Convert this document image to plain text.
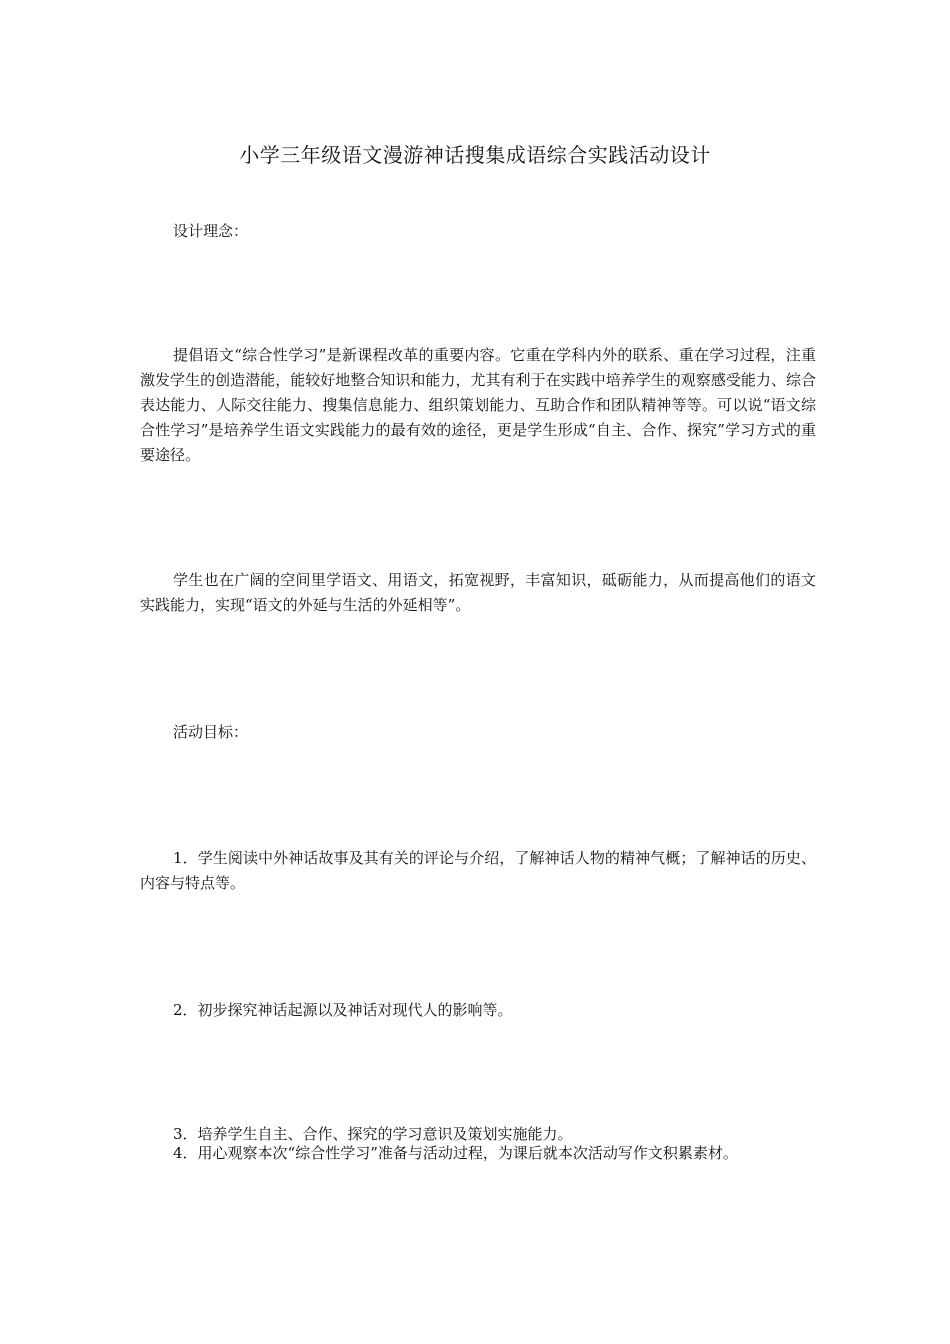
小学三年级语文漫游神话搜集成语综合实践活动设计

设计理念：

提倡语文“综合性学习”是新课程改革的重要内容。它重在学科内外的联系、重在学习过程，注重激发学生的创造潜能，能较好地整合知识和能力，尤其有利于在实践中培养学生的观察感受能力、综合表达能力、人际交往能力、搜集信息能力、组织策划能力、互助合作和团队精神等等。可以说“语文综合性学习”是培养学生语文实践能力的最有效的途径，更是学生形成“自主、合作、探究”学习方式的重要途径。

学生也在广阔的空间里学语文、用语文，拓宽视野，丰富知识，砥砺能力，从而提高他们的语文实践能力，实现“语文的外延与生活的外延相等”。

活动目标：

1．学生阅读中外神话故事及其有关的评论与介绍，了解神话人物的精神气概；了解神话的历史、内容与特点等。

2．初步探究神话起源以及神话对现代人的影响等。

3．培养学生自主、合作、探究的学习意识及策划实施能力。

4．用心观察本次“综合性学习”准备与活动过程，为课后就本次活动写作文积累素材。
